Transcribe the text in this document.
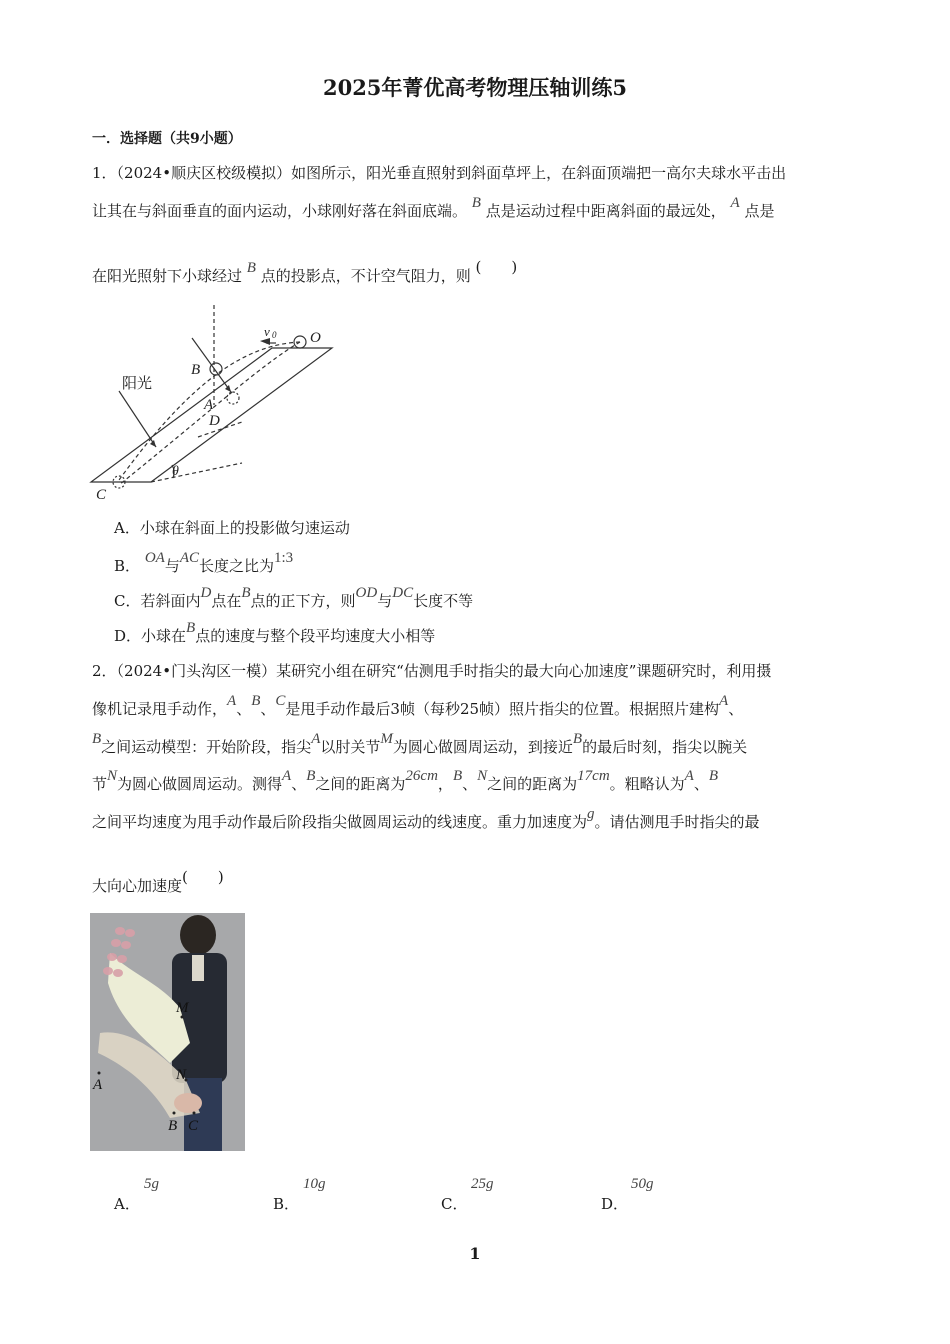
2025年菁优高考物理压轴训练5
一．选择题（共9小题）
1．（2024•顺庆区校级模拟）如图所示，阳光垂直照射到斜面草坪上，在斜面顶端把一高尔夫球水平击出
让其在与斜面垂直的面内运动，小球刚好落在斜面底端。 B 点是运动过程中距离斜面的最远处， A 点是
在阳光照射下小球经过 B 点的投影点，不计空气阻力，则 (　　)
v 0 O
B
A
D
C
θ
阳光
A．小球在斜面上的投影做匀速运动
B． OA与AC长度之比为1:3
C．若斜面内D点在B点的正下方，则OD与DC长度不等
D．小球在B点的速度与整个段平均速度大小相等
2．（2024•门头沟区一模）某研究小组在研究“估测甩手时指尖的最大向心加速度”课题研究时，利用摄
像机记录甩手动作，A、B、C是甩手动作最后3帧（每秒25帧）照片指尖的位置。根据照片建构A、
B之间运动模型：开始阶段，指尖A以肘关节M为圆心做圆周运动，到接近B的最后时刻，指尖以腕关
节N为圆心做圆周运动。测得A、B之间的距离为26cm，B、N之间的距离为17cm。粗略认为A、B
之间平均速度为甩手动作最后阶段指尖做圆周运动的线速度。重力加速度为g。请估测甩手时指尖的最
大向心加速度(　　)
M
N
A
B C
5g
A．
10g
B．
25g
C．
50g
D．
1
